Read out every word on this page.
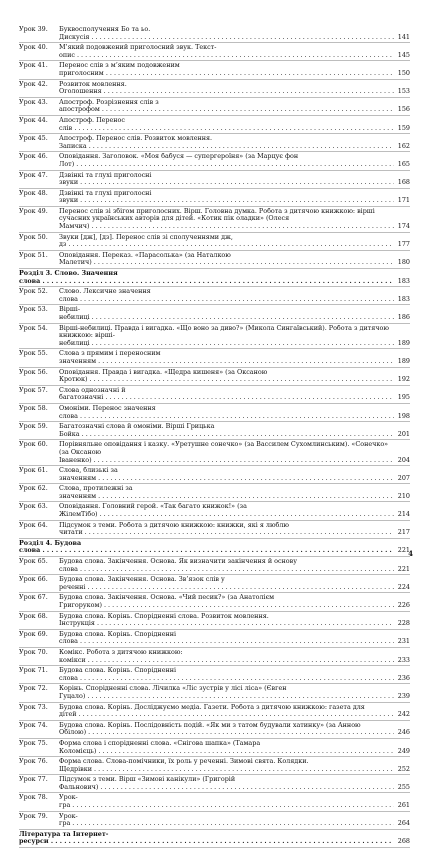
Урок 39.	Буквосполучення Бо та ьо. Дискусія . . .	141
Урок 40.	М’який подовжений приголосний звук. Текст-опис . . .	145
Урок 41.	Перенос слів з м’яким подовженим приголосним . . .	150
Урок 42.	Розвиток мовлення. Оголошення . . .	153
Урок 43.	Апостроф. Розрізнення слів з апострофом . . .	156
Урок 44.	Апостроф. Перенос слів . . .	159
Урок 45.	Апостроф. Перенос слів. Розвиток мовлення. Записка . . .	162
Урок 46.	Оповідання. Заголовок. «Моя бабуся — супергероїня» (за Марцує фон Лот) . . .	165
Урок 47.	Дзвінкі та глухі приголосні звуки . . .	168
Урок 48.	Дзвінкі та глухі приголосні звуки . . .	171
Урок 49.	Перенос слів зі збігом приголосних. Вірш. Головна думка. Робота з дитячою книжкою: вірші сучасних українських авторів для дітей. «Котик пік оладки» (Олеся Мамчич) . . .	174
Урок 50.	Звуки [дж], [дз]. Перенос слів зі сполученнями дж, дз . . .	177
Урок 51.	Оповідання. Переказ. «Парасолька» (за Наталкою Малетич) . . .	180
Розділ 3. Слово. Значення слова . . .	183
Урок 52.	Слово. Лексичне значення слова . . .	183
Урок 53.	Вірші-небилиці . . .	186
Урок 54.	Вірші-небилиці. Правда і вигадка. «Що воно за диво?» (Микола Сингаївський). Робота з дитячою книжкою: вірші-небилиці . . .	189
Урок 55.	Слова з прямим і переносним значенням . . .	189
Урок 56.	Оповідання. Правда і вигадка. «Щедра кишеня» (за Оксаною Кротюк) . . .	192
Урок 57.	Слова однозначні й багатозначні . . .	195
Урок 58.	Омоніми. Перенос значення слова . . .	198
Урок 59.	Багатозначні слова й омоніми. Вірші Грицька Бойка . . .	201
Урок 60.	Порівняльне оповідання і казку. «Уретушне сонечко» (за Вассилем Сухомлинським). «Сонечко» (за Оксаною Іваненко) . . .	204
Урок 61.	Слова, близькі за значенням . . .	207
Урок 62.	Слова, протилежні за значенням . . .	210
Урок 63.	Оповідання. Головний герой. «Так багато книжок!» (за ЖілемТібо) . . .	214
Урок 64.	Підсумок з теми. Робота з дитячою книжкою: книжки, які я люблю читати . . .	217
Розділ 4. Будова слова . . .	221
Урок 65.	Будова слова. Закінчення. Основа. Як визначити закінчення й основу слова . . .	221
Урок 66.	Будова слова. Закінчення. Основа. Зв’язок слів у реченні . . .	224
Урок 67.	Будова слова. Закінчення. Основа. «Чий песик?» (за Анатолієм Григоруком) . . .	226
Урок 68.	Будова слова. Корінь. Спорідненні слова. Розвиток мовлення. Інструкція . . .	228
Урок 69.	Будова слова. Корінь. Спорідненні слова . . .	231
Урок 70.	Комікс. Робота з дитячою книжкою: комікси . . .	233
Урок 71.	Будова слова. Корінь. Спорідненні слова . . .	236
Урок 72.	Корінь. Спорідненні слова. Лічилка «Ліс зустрів у лісі ліса» (Євген Гуцало) . . .	239
Урок 73.	Будова слова. Корінь. Досліджуємо медіа. Газети. Робота з дитячою книжкою: газета для дітей . . .	242
Урок 74.	Будова слова. Корінь. Послідовність подій. «Як ми з татом будували хатинку» (за Анною Обілою) . . .	246
Урок 75.	Форма слова і спорідненні слова. «Сніговa шапка» (Тамара Коломієць) . . .	249
Урок 76.	Форма слова. Слова-помічники, їх роль у реченні. Зимові свята. Колядки. Щедрівки . . .	252
Урок 77.	Підсумок з теми. Вірш «Зимові канікули» (Григорій Фальнович) . . .	255
Урок 78.	Урок-гра . . .	261
Урок 79.	Урок-гра . . .	264
Література та Інтернет-ресурси . . .	268
4
